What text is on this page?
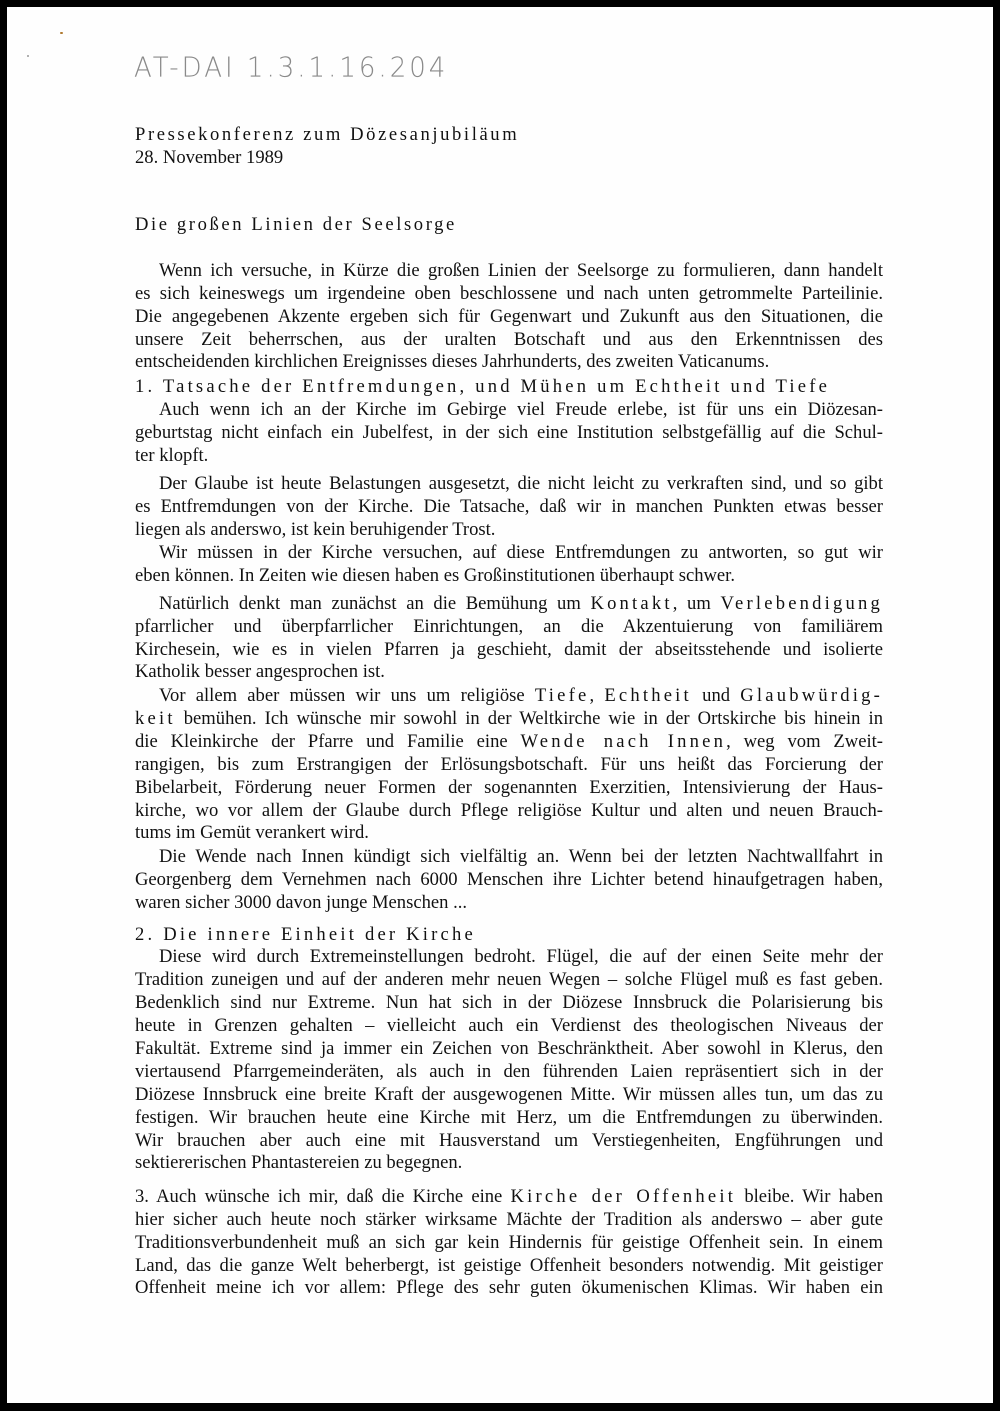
AT-DAI 1.3.1.16.204
Pressekonferenz zum Dözesanjubiläum
28. November 1989
Die großen Linien der Seelsorge
Wenn ich versuche, in Kürze die großen Linien der Seelsorge zu formulieren, dann handelt
es sich keineswegs um irgendeine oben beschlossene und nach unten getrommelte Parteilinie.
Die angegebenen Akzente ergeben sich für Gegenwart und Zukunft aus den Situationen, die
unsere Zeit beherrschen, aus der uralten Botschaft und aus den Erkenntnissen des
entscheidenden kirchlichen Ereignisses dieses Jahrhunderts, des zweiten Vaticanums.
1. Tatsache der Entfremdungen, und Mühen um Echtheit und Tiefe
Auch wenn ich an der Kirche im Gebirge viel Freude erlebe, ist für uns ein Diözesan-
geburtstag nicht einfach ein Jubelfest, in der sich eine Institution selbstgefällig auf die Schul-
ter klopft.
Der Glaube ist heute Belastungen ausgesetzt, die nicht leicht zu verkraften sind, und so gibt
es Entfremdungen von der Kirche. Die Tatsache, daß wir in manchen Punkten etwas besser
liegen als anderswo, ist kein beruhigender Trost.
Wir müssen in der Kirche versuchen, auf diese Entfremdungen zu antworten, so gut wir
eben können. In Zeiten wie diesen haben es Großinstitutionen überhaupt schwer.
Natürlich denkt man zunächst an die Bemühung um Kontakt, um Verlebendigung
pfarrlicher und überpfarrlicher Einrichtungen, an die Akzentuierung von familiärem
Kirchesein, wie es in vielen Pfarren ja geschieht, damit der abseitsstehende und isolierte
Katholik besser angesprochen ist.
Vor allem aber müssen wir uns um religiöse Tiefe, Echtheit und Glaubwürdig-
keit bemühen. Ich wünsche mir sowohl in der Weltkirche wie in der Ortskirche bis hinein in
die Kleinkirche der Pfarre und Familie eine Wende nach Innen, weg vom Zweit-
rangigen, bis zum Erstrangigen der Erlösungsbotschaft. Für uns heißt das Forcierung der
Bibelarbeit, Förderung neuer Formen der sogenannten Exerzitien, Intensivierung der Haus-
kirche, wo vor allem der Glaube durch Pflege religiöse Kultur und alten und neuen Brauch-
tums im Gemüt verankert wird.
Die Wende nach Innen kündigt sich vielfältig an. Wenn bei der letzten Nachtwallfahrt in
Georgenberg dem Vernehmen nach 6000 Menschen ihre Lichter betend hinaufgetragen haben,
waren sicher 3000 davon junge Menschen ...
2. Die innere Einheit der Kirche
Diese wird durch Extremeinstellungen bedroht. Flügel, die auf der einen Seite mehr der
Tradition zuneigen und auf der anderen mehr neuen Wegen – solche Flügel muß es fast geben.
Bedenklich sind nur Extreme. Nun hat sich in der Diözese Innsbruck die Polarisierung bis
heute in Grenzen gehalten – vielleicht auch ein Verdienst des theologischen Niveaus der
Fakultät. Extreme sind ja immer ein Zeichen von Beschränktheit. Aber sowohl in Klerus, den
viertausend Pfarrgemeinderäten, als auch in den führenden Laien repräsentiert sich in der
Diözese Innsbruck eine breite Kraft der ausgewogenen Mitte. Wir müssen alles tun, um das zu
festigen. Wir brauchen heute eine Kirche mit Herz, um die Entfremdungen zu überwinden.
Wir brauchen aber auch eine mit Hausverstand um Verstiegenheiten, Engführungen und
sektiererischen Phantastereien zu begegnen.
3. Auch wünsche ich mir, daß die Kirche eine Kirche der Offenheit bleibe. Wir haben
hier sicher auch heute noch stärker wirksame Mächte der Tradition als anderswo – aber gute
Traditionsverbundenheit muß an sich gar kein Hindernis für geistige Offenheit sein. In einem
Land, das die ganze Welt beherbergt, ist geistige Offenheit besonders notwendig. Mit geistiger
Offenheit meine ich vor allem: Pflege des sehr guten ökumenischen Klimas. Wir haben ein
